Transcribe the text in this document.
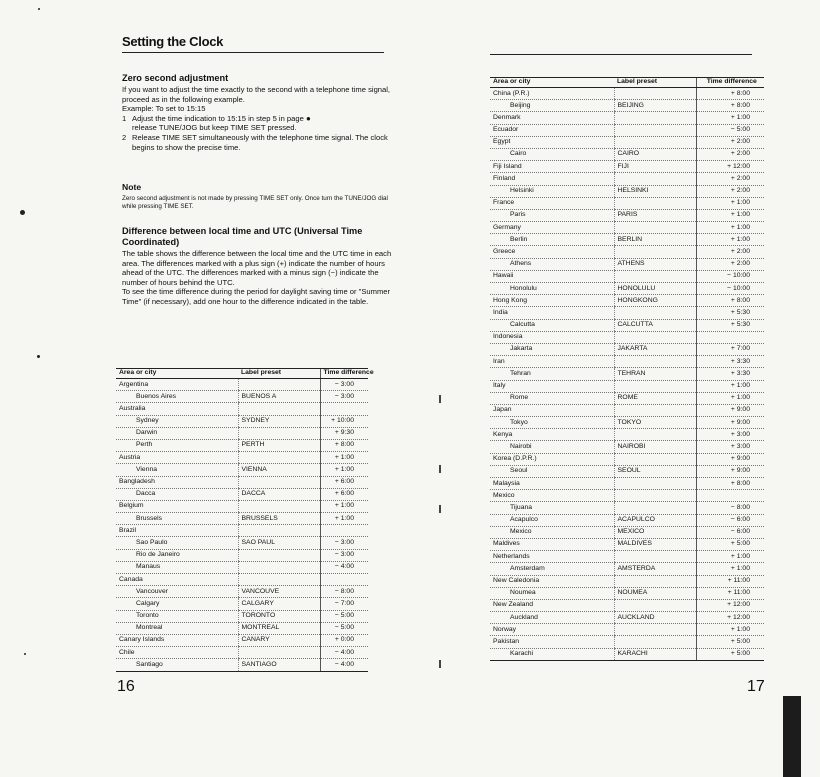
Setting the Clock
Zero second adjustment

If you want to adjust the time exactly to the second with a telephone time signal, proceed as in the following example.

Example: To set to 15:15

1 Adjust the time indication to 15:15 in step 5 in page ●
release TUNE/JOG but keep TIME SET pressed.
2 Release TIME SET simultaneously with the telephone time signal. The clock begins to show the precise time.
Note

Zero second adjustment is not made by pressing TIME SET only. Once turn the TUNE/JOG dial while pressing TIME SET.

Difference between local time and UTC (Universal Time Coordinated)

The table shows the difference between the local time and the UTC time in each area. The differences marked with a plus sign (+) indicate the number of hours ahead of the UTC. The differences marked with a minus sign (−) indicate the number of hours behind the UTC.

To see the time difference during the period for daylight saving time or "Summer Time" (if necessary), add one hour to the difference indicated in the table.

Area or city	Label preset	Time difference
Argentina		− 3:00
Buenos Aires	BUENOS A	− 3:00
Australia		
Sydney	SYDNEY	+ 10:00
Darwin		+ 9:30
Perth	PERTH	+ 8:00
Austria		+ 1:00
Vienna	VIENNA	+ 1:00
Bangladesh		+ 6:00
Dacca	DACCA	+ 6:00
Belgium		+ 1:00
Brussels	BRUSSELS	+ 1:00
Brazil		
Sao Paulo	SAO PAUL	− 3:00
Rio de Janeiro		− 3:00
Manaus		− 4:00
Canada		
Vancouver	VANCOUVE	− 8:00
Calgary	CALGARY	− 7:00
Toronto	TORONTO	− 5:00
Montreal	MONTREAL	− 5:00
Canary Islands	CANARY	+ 0:00
Chile		− 4:00
Santiago	SANTIAGO	− 4:00
16
Area or city	Label preset	Time difference
China (P.R.)		+ 8:00
Beijing	BEIJING	+ 8:00
Denmark		+ 1:00
Ecuador		− 5:00
Egypt		+ 2:00
Cairo	CAIRO	+ 2:00
Fiji Island	FIJI	+ 12:00
Finland		+ 2:00
Helsinki	HELSINKI	+ 2:00
France		+ 1:00
Paris	PARIS	+ 1:00
Germany		+ 1:00
Berlin	BERLIN	+ 1:00
Greece		+ 2:00
Athens	ATHENS	+ 2:00
Hawaii		− 10:00
Honolulu	HONOLULU	− 10:00
Hong Kong	HONGKONG	+ 8:00
India		+ 5:30
Calcutta	CALCUTTA	+ 5:30
Indonesia		
Jakarta	JAKARTA	+ 7:00
Iran		+ 3:30
Tehran	TEHRAN	+ 3:30
Italy		+ 1:00
Rome	ROME	+ 1:00
Japan		+ 9:00
Tokyo	TOKYO	+ 9:00
Kenya		+ 3:00
Nairobi	NAIROBI	+ 3:00
Korea (D.P.R.)		+ 9:00
Seoul	SEOUL	+ 9:00
Malaysia		+ 8:00
Mexico		
Tijuana		− 8:00
Acapulco	ACAPULCO	− 6:00
Mexico	MEXICO	− 6:00
Maldives	MALDIVES	+ 5:00
Netherlands		+ 1:00
Amsterdam	AMSTERDA	+ 1:00
New Caledonia		+ 11:00
Noumea	NOUMEA	+ 11:00
New Zealand		+ 12:00
Auckland	AUCKLAND	+ 12:00
Norway		+ 1:00
Pakistan		+ 5:00
Karachi	KARACHI	+ 5:00
17
